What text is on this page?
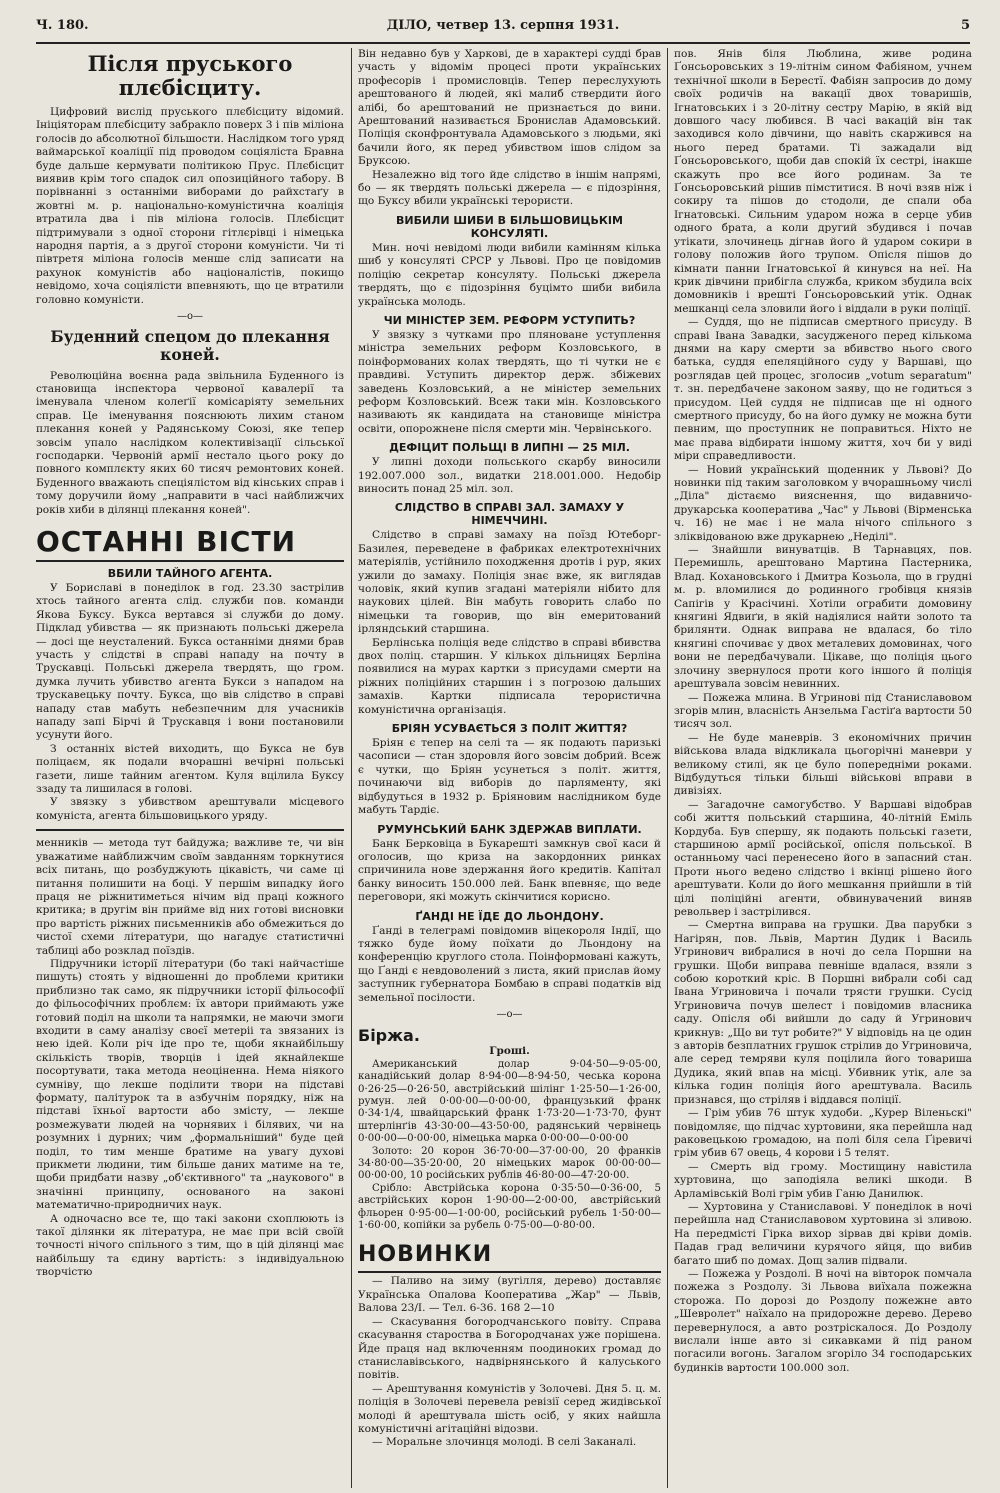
Ч. 180.	ДІЛО, четвер 13. серпня 1931.	5
Після пруського плєбісциту.

Цифровий вислід пруського плєбісциту відомий. Ініціяторам плєбісциту забракло поверх 3 і пів міліона голосів до абсолютної більшости. Наслідком того уряд ваймарської коаліції під проводом соціяліста Бравна буде дальше кермувати політикою Прус. Плєбісцит виявив крім того спадок сил опозиційного табору. В порівнанні з останніми виборами до райхстаґу в жовтні м. р. національно-комуністична коаліція втратила два і пів міліона голосів. Плєбісцит підтримували з одної сторони гітлєрівці і німецька народня партія, а з другої сторони комуністи. Чи ті півтретя міліона голосів менше слід записати на рахунок комуністів або націоналістів, покищо невідомо, хоча соціялісти впевняють, що це втратили головно комуністи.

—o—
Буденний спецом до плекання коней.

Революційна воєнна рада звільнила Буденного із становища інспектора червоної кавалерії та іменувала членом колеґії комісаріяту земельних справ. Це іменування пояснюють лихим станом плекання коней у Радянському Союзі, яке тепер зовсім упало наслідком колективізації сільської господарки. Червоній армії нестало цього року до повного комплєкту яких 60 тисяч ремонтових коней. Буденного вважають спеціялістом від кінських справ і тому доручили йому „направити в часі найближчих років хиби в ділянці плекання коней".

ОСТАННІ ВІСТИ
ВБИЛИ ТАЙНОГО АГЕНТА.

У Бориславі в понеділок в год. 23.30 застрілив хтось тайного агента слід. служби пов. команди Якова Буксу. Букса вертався зі служби до дому. Підклад убивства — як признають польські джерела — досі ще неусталений. Букса останніми днями брав участь у слідстві в справі нападу на почту в Трускавці. Польські джерела твердять, що гром. думка лучить убивство агента Букси з нападом на трускавецьку почту. Букса, що вів слідство в справі нападу став мабуть небезпечним для учасників нападу запі Бірчі й Трускавця і вони постановили усунути його.

З останніх вістей виходить, що Букса не був поліцаєм, як подали вчорашні вечірні польські газети, лише тайним агентом. Куля вцілила Буксу ззаду та лишилася в голові.

У звязку з убивством арештували місцевого комуніста, агента більшовицького уряду.

менників — метода тут байдужа; важливе те, чи він уважатиме найближчим своїм завданням торкнутися всіх питань, що розбуджують цікавість, чи саме ці питання полишити на боці. У першім випадку його праця не ріжнитиметься нічим від праці кожного критика; в другім він прийме від них готові висновки про вартість ріжних письменників або обмежиться до чистої схеми літератури, що нагадує статистичні таблиці або розклад поїздів.

Підручники історії літератури (бо такі найчастіше пишуть) стоять у відношенні до проблеми критики приблизно так само, як підручники історії фільософії до фільософічних проблєм: їх автори приймають уже готовий поділ на школи та напрямки, не маючи змоги входити в саму аналізу своєї метеріі та звязаних із нею ідей. Коли річ іде про те, щоби якнайбільшу скількість творів, творців і ідей якнайлекше посортувати, така метода неоціненна. Нема ніякого сумніву, що лекше поділити твори на підставі формату, палітурок та в азбучнім порядку, ніж на підставі їхньої вартости або змісту, — лекше розмежувати людей на чорнявих і білявих, чи на розумних і дурних; чим „формальніший" буде цей поділ, то тим менше братиме на увагу духові прикмети людини, тим більше даних матиме на те, щоби придбати назву „об'єктивного" та „наукового" в значінні принципу, основаного на законі математично-природничих наук.

А одночасно все те, що такі закони схоплюють із такої ділянки як література, не має при всій своїй точності нічого спільного з тим, що в цій ділянці має найбільшу та єдину вартість: з індивідуальною творчістю

Він недавно був у Харкові, де в характері судді брав участь у відомім процесі проти українських професорів і промисловців. Тепер переслухують арештованого й людей, які малиб ствердити його алібі, бо арештований не признається до вини. Арештований називається Бронислав Адамовський. Поліція сконфронтувала Адамовського з людьми, які бачили його, як перед убивством ішов слідом за Бруксою.

Незалежно від того йде слідство в іншім напрямі, бо — як твердять польські джерела — є підозріння, що Букcу вбили українські терористи.

ВИБИЛИ ШИБИ В БІЛЬШОВИЦЬКІМ КОНСУЛЯТІ.

Мин. ночі невідомі люди вибили камінням кілька шиб у консуляті СРСР у Львові. Про це повідомив поліцію секретар консуляту. Польські джерела твердять, що є підозріння буцімто шиби вибила українська молодь.

ЧИ МІНІСТЕР ЗЕМ. РЕФОРМ УСТУПИТЬ?

У звязку з чутками про пляноване уступлення міністра земельних реформ Козловського, в поінформованих колах твердять, що ті чутки не є правдиві. Уступить директор держ. збіжевих заведень Козловський, а не міністер земельних реформ Козловський. Всеж таки мін. Козловського називають як кандидата на становище міністра освіти, опорожнене після смерти мін. Червінського.

ДЕФІЦИТ ПОЛЬЩІ В ЛИПНІ — 25 МІЛ.

У липні доходи польського скарбу виносили 192.007.000 зол., видатки 218.001.000. Недобір виносить понад 25 міл. зол.

СЛІДСТВО В СПРАВІ ЗАЛ. ЗАМАХУ У НІМЕЧЧИНІ.

Слідство в справі замаху на поїзд Ютеборг-Базилея, переведене в фабриках електротехнічних матеріялів, устійнило походження дротів і рур, яких ужили до замаху. Поліція знає вже, як виглядав чоловік, який купив згадані матеріяли нібито для наукових цілей. Він мабуть говорить слабо по німецьки та говорив, що він емеритований ірляндський старшина.

Берлінська поліція веде слідство в справі вбивства двох поліц. старшин. У кількох дільницях Берліна появилися на мурах картки з присудами смерти на ріжних поліційних старшин і з погрозою дальших замахів. Картки підписала терористична комуністична організація.

БРІЯН УСУВАЄТЬСЯ З ПОЛІТ ЖИТТЯ?

Бріян є тепер на селі та — як подають паризькі часописи — стан здоровля його зовсім добрий. Всеж є чутки, що Бріян усунеться з політ. життя, починаючи від виборів до парляменту, які відбудуться в 1932 р. Бріяновим наслідником буде мабуть Тардіє.

РУМУНСЬКИЙ БАНК ЗДЕРЖАВ ВИПЛАТИ.

Банк Берковіца в Букарешті замкнув свої каси й оголосив, що криза на закордонних ринках спричинила нове здержання його кредитів. Капітал банку виносить 150.000 лей. Банк впевняє, що веде переговори, які можуть скінчитися корисно.

ҐАНДІ НЕ ЇДЕ ДО ЛЬОНДОНУ.

Ґанді в телеграмі повідомив віцекороля Індії, що тяжко буде йому поїхати до Льондону на конференцію круглого стола. Поінформовані кажуть, що Ґанді є невдоволений з листа, який прислав йому заступник губернатора Бомбаю в справі податків від земельної посілости.

—o—
Біржа.
Гроші.

Американський долар 9·04·50—9·05·00, канадійський долар 8·94·00—8·94·50, чеська корона 0·26·25—0·26·50, австрійський шілінг 1·25·50—1·26·00, румун. лей 0·00·00—0·00·00, французький франк 0·34·1/4, швайцарський франк 1·73·20—1·73·70, фунт штерлінґів 43·30·00—43·50·00, радянський червінець 0·00·00—0·00·00, німецька марка 0·00·00—0·00·00

Золото: 20 корон 36·70·00—37·00·00, 20 франків 34·80·00—35·20·00, 20 німецьких марок 00·00·00—00·00·00, 10 російських рублів 46·80·00—47·20·00.

Срібло: Австрійська корона 0·35·50—0·36·00, 5 австрійських корон 1·90·00—2·00·00, австрійський фльорен 0·95·00—1·00·00, російський рубель 1·50·00—1·60·00, копійки за рубель 0·75·00—0·80·00.

НОВИНКИ

— Паливо на зиму (вугілля, дерево) доставляє Українська Опалова Кооператива „Жар" — Львів, Валова 23/І. — Тел. 6-36. 168 2—10

— Скасування богородчанського повіту. Справа скасування староства в Богородчанах уже порішена. Йде праця над включенням поодиноких громад до станиславівського, надвірнянського й калуського повітів.

— Арештування комуністів у Золочеві. Дня 5. ц. м. поліція в Золочеві перевела ревізії серед жидівської молоді й арештувала шість осіб, у яких найшла комуністичні агітаційні відозви.

— Моральне злочинця молоді. В селі Заканалі.

пов. Янів біля Люблина, живе родина Ґонсьоровських з 19-літнім сином Фабіяном, учнем технічної школи в Берестї. Фабіян запросив до дому своїх родичів на вакації двох товаришів, Ігнатовських і з 20-літну сестру Марію, в якій від довшого часу любився. В часі вакацій він так заходився коло дівчини, що навіть скаржився на нього перед братами. Ті зажадали від Ґонсьоровського, щоби дав спокій їх сестрі, інакше скажуть про все його родинам. За те Ґонсьоровський рішив пімститися. В ночі взяв ніж і сокиру та пішов до стодоли, де спали оба Ігнатовські. Сильним ударом ножа в серце убив одного брата, а коли другий збудився і почав утікати, злочинець дігнав його й ударом сокири в голову положив його трупом. Опісля пішов до кімнати панни Ігнатовської й кинувся на неї. На крик дівчини прибігла служба, криком збудила всіх домовників і врешті Ґонсьоровський утік. Однак мешканці села зловили його і віддали в руки поліції.

— Суддя, що не підписав смертного присуду. В справі Івана Завадки, засудженого перед кількома днями на кару смерти за вбивство нього свого батька, суддя епеляційного суду у Варшаві, що розглядав цей процес, зголосив „votum separatum" т. зн. передбачене законом заяву, що не годиться з присудом. Цей суддя не підписав ще ні одного смертного присуду, бо на його думку не можна бути певним, що проступник не поправиться. Ніхто не має права відбирати іншому життя, хоч би у виді міри справедливости.

— Новий український щоденник у Львові? До новинки під таким заголовком у вчорашньому числі „Діла" дістаємо вияснення, що видавничо-друкарська кооператива „Час" у Львові (Вірменська ч. 16) не має і не мала нічого спільного з зліквідованою вже друкарнею „Неділі".

— Знайшли винуватців. В Тарнавцях, пов. Перемишль, арештовано Мартина Пастерника, Влад. Кохановського і Дмитра Козьола, що в грудні м. р. вломилися до родинного гробівця князів Сапігів у Красічині. Хотіли ограбити домовину княгині Ядвиґи, в якій надіялися найти золото та брилянти. Однак виправа не вдалася, бо тіло княгині спочиває у двох металевих домовинах, чого вони не передбачували. Цікаве, що поліція цього злочину звернулося проти кого іншого й поліція арештувала зовсім невинних.

— Пожежа млина. В Угринові під Станиславовом згорів млин, власність Анзельма Гастіґа вартости 50 тисяч зол.

— Не буде маневрів. З економічних причин військова влада відкликала цьогорічні маневри у великому стилі, як це було попередніми роками. Відбудуться тільки більші військові вправи в дивізіях.

— Загадочне самогубство. У Варшаві відобрав собі життя польський старшина, 40-літній Еміль Кордуба. Був спершу, як подають польські газети, старшиною армії російської, опісля польської. В останньому часі перенесено його в запасний стан. Проти нього ведено слідство і вкінці рішено його арештувати. Коли до його мешкання прийшли в тій цілі поліційні агенти, обвинувачений виняв револьвер і застрілився.

— Смертна виправа на грушки. Два парубки з Нагірян, пов. Львів, Мартин Дудик і Василь Угринович вибралися в ночі до села Поршни на грушки. Щоби виправа певніше вдалася, взяли з собою короткий кріс. В Поршні вибрали собі сад Івана Угриновича і почали трясти грушки. Сусід Угриновича почув шелест і повідомив власника саду. Опісля обі вийшли до саду й Угринович крикнув: „Що ви тут робите?" У відповідь на це один з авторів безплатних грушок стрілив до Угриновича, але серед темряви куля поцілила його товариша Дудика, який впав на місці. Убивник утік, але за кілька годин поліція його арештувала. Василь признався, що стріляв і віддався поліції.

— Грім убив 76 штук худоби. „Курер Віленьскі" повідомляє, що підчас хуртовини, яка перейшла над раковецькою громадою, на полі біля села Ґіревичі грім убив 67 овець, 4 корови і 5 телят.

— Смерть від грому. Мостищину навістила хуртовина, що заподіяла великі шкоди. В Арламівській Волі грім убив Ганю Данилюк.

— Хуртовина у Станиславові. У понеділок в ночі перейшла над Станиславовом хуртовина зі зливою. На передмісті Гірка вихор зірвав дві кріви домів. Падав град величини курячого яйця, що вибив багато шиб по домах. Дощ залив підвали.

— Пожежа у Роздолі. В ночі на вівторок помчала пожежа з Роздолу. Зі Львова виїхала пожежна сторожа. По дорозі до Роздолу пожежне авто „Шевролет" наїхало на придорожне дерево. Дерево перевернулося, а авто розтріскалося. До Роздолу вислали інше авто зі сикавками й під раном погасили вогонь. Загалом згоріло 34 господарських будинків вартости 100.000 зол.
